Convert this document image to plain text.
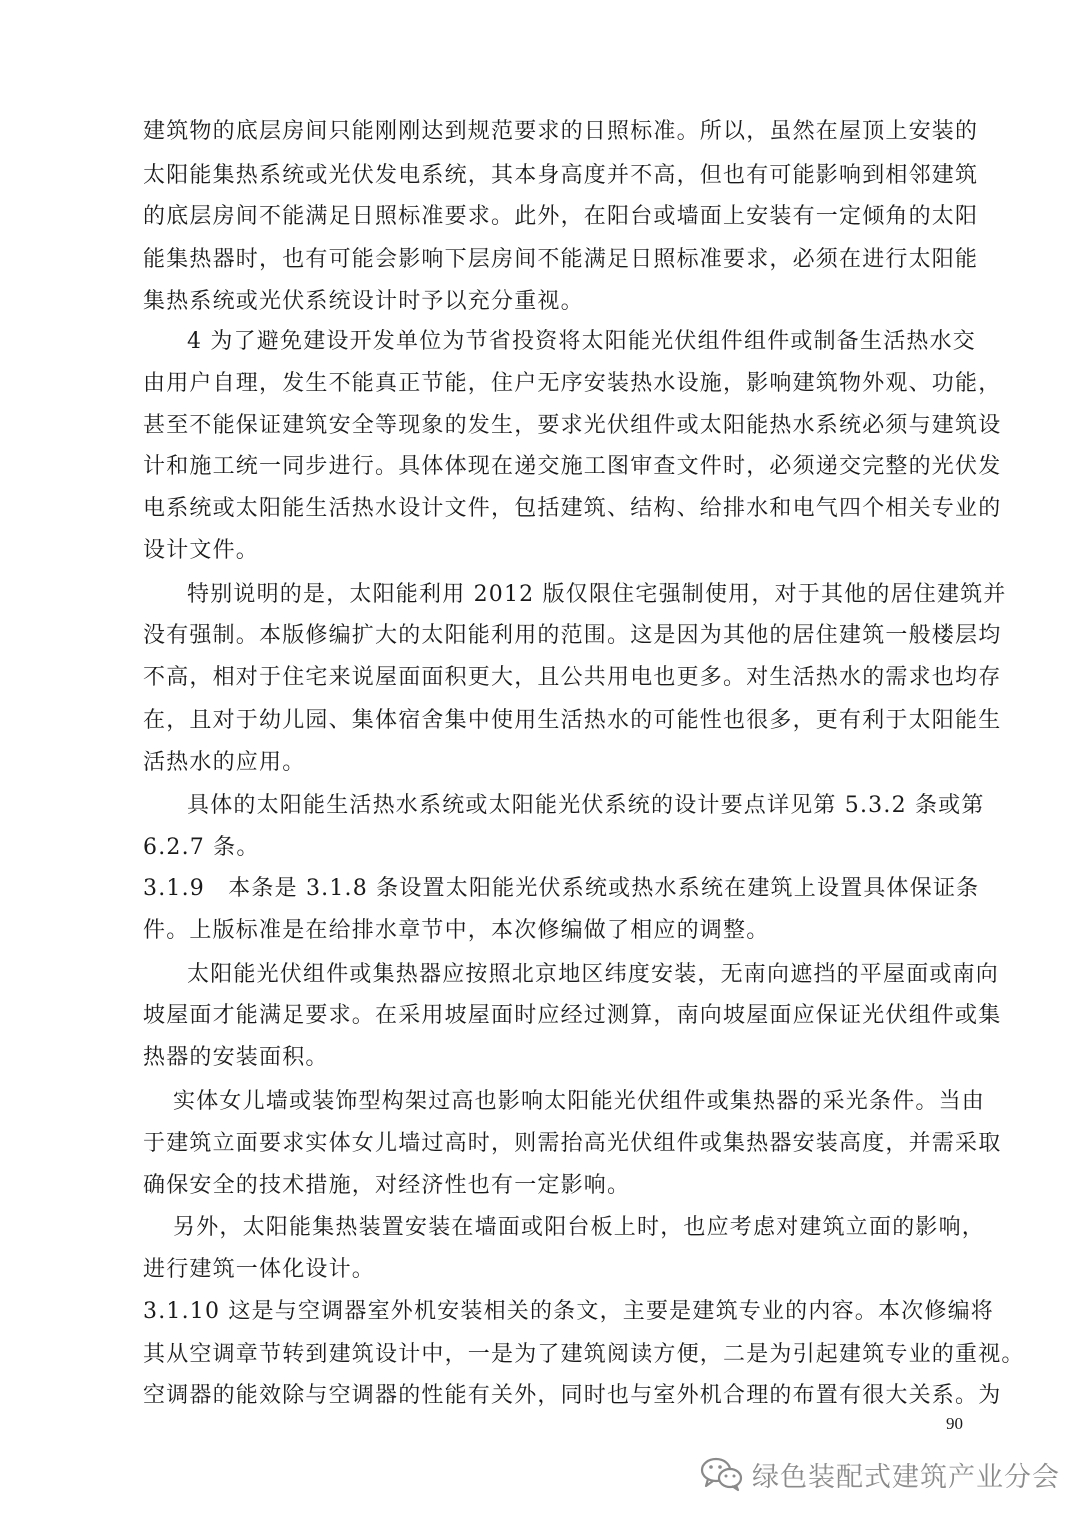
建筑物的底层房间只能刚刚达到规范要求的日照标准。所以，虽然在屋顶上安装的
太阳能集热系统或光伏发电系统，其本身高度并不高，但也有可能影响到相邻建筑
的底层房间不能满足日照标准要求。此外，在阳台或墙面上安装有一定倾角的太阳
能集热器时，也有可能会影响下层房间不能满足日照标准要求，必须在进行太阳能
集热系统或光伏系统设计时予以充分重视。
4 为了避免建设开发单位为节省投资将太阳能光伏组件组件或制备生活热水交
由用户自理，发生不能真正节能，住户无序安装热水设施，影响建筑物外观、功能，
甚至不能保证建筑安全等现象的发生，要求光伏组件或太阳能热水系统必须与建筑设
计和施工统一同步进行。具体体现在递交施工图审查文件时，必须递交完整的光伏发
电系统或太阳能生活热水设计文件，包括建筑、结构、给排水和电气四个相关专业的
设计文件。
特别说明的是，太阳能利用 2012 版仅限住宅强制使用，对于其他的居住建筑并
没有强制。本版修编扩大的太阳能利用的范围。这是因为其他的居住建筑一般楼层均
不高，相对于住宅来说屋面面积更大，且公共用电也更多。对生活热水的需求也均存
在，且对于幼儿园、集体宿舍集中使用生活热水的可能性也很多，更有利于太阳能生
活热水的应用。
具体的太阳能生活热水系统或太阳能光伏系统的设计要点详见第 5.3.2 条或第
6.2.7 条。
3.1.9　本条是 3.1.8 条设置太阳能光伏系统或热水系统在建筑上设置具体保证条
件。上版标准是在给排水章节中，本次修编做了相应的调整。
太阳能光伏组件或集热器应按照北京地区纬度安装，无南向遮挡的平屋面或南向
坡屋面才能满足要求。在采用坡屋面时应经过测算，南向坡屋面应保证光伏组件或集
热器的安装面积。
实体女儿墙或装饰型构架过高也影响太阳能光伏组件或集热器的采光条件。当由
于建筑立面要求实体女儿墙过高时，则需抬高光伏组件或集热器安装高度，并需采取
确保安全的技术措施，对经济性也有一定影响。
另外，太阳能集热装置安装在墙面或阳台板上时，也应考虑对建筑立面的影响，
进行建筑一体化设计。
3.1.10 这是与空调器室外机安装相关的条文，主要是建筑专业的内容。本次修编将
其从空调章节转到建筑设计中，一是为了建筑阅读方便，二是为引起建筑专业的重视。
空调器的能效除与空调器的性能有关外，同时也与室外机合理的布置有很大关系。为
90
绿色装配式建筑产业分会
